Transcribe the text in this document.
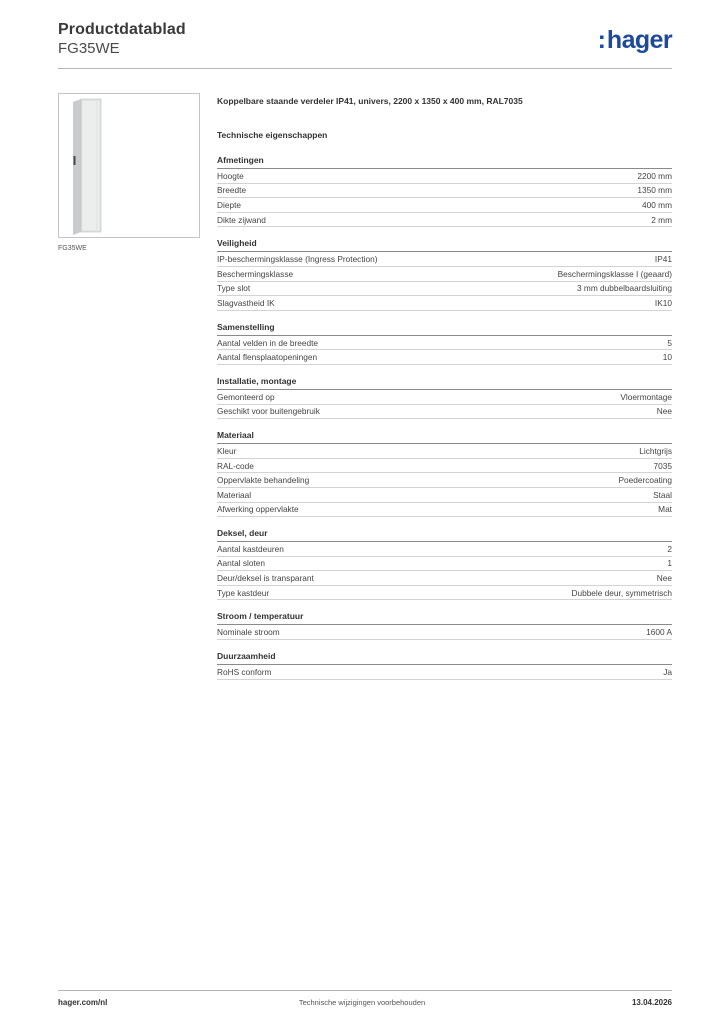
Productdatablad
FG35WE	:hager
FG35WE
Koppelbare staande verdeler IP41, univers, 2200 x 1350 x 400 mm, RAL7035
Technische eigenschappen
Afmetingen
Hoogte	2200 mm
Breedte	1350 mm
Diepte	400 mm
Dikte zijwand	2 mm
Veiligheid
IP-beschermingsklasse (Ingress Protection)	IP41
Beschermingsklasse	Beschermingsklasse I (geaard)
Type slot	3 mm dubbelbaardsluiting
Slagvastheid IK	IK10
Samenstelling
Aantal velden in de breedte	5
Aantal flensplaatopeningen	10
Installatie, montage
Gemonteerd op	Vloermontage
Geschikt voor buitengebruik	Nee
Materiaal
Kleur	Lichtgrijs
RAL-code	7035
Oppervlakte behandeling	Poedercoating
Materiaal	Staal
Afwerking oppervlakte	Mat
Deksel, deur
Aantal kastdeuren	2
Aantal sloten	1
Deur/deksel is transparant	Nee
Type kastdeur	Dubbele deur, symmetrisch
Stroom / temperatuur
Nominale stroom	1600 A
Duurzaamheid
RoHS conform	Ja
hager.com/nl	Technische wijzigingen voorbehouden	13.04.2026
